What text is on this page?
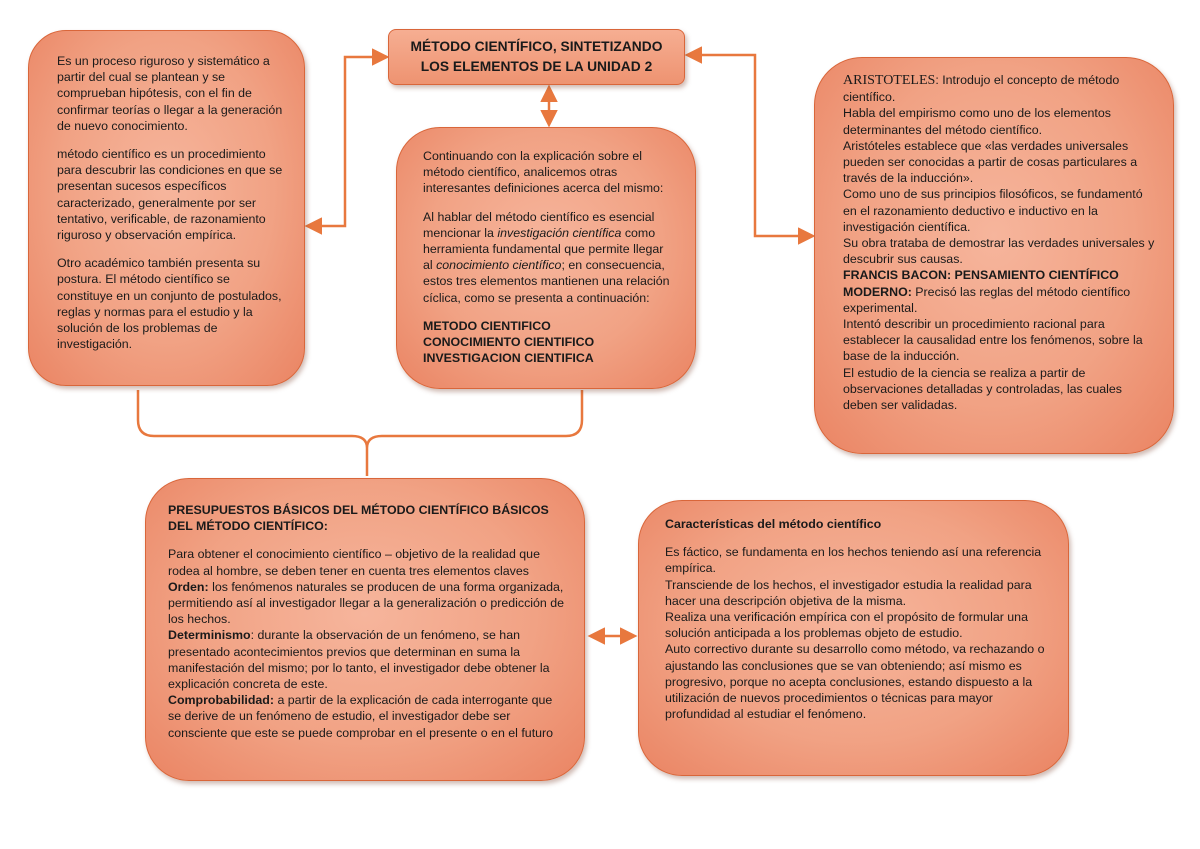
MÉTODO CIENTÍFICO, SINTETIZANDO LOS ELEMENTOS DE LA UNIDAD 2

Es un proceso riguroso y sistemático a partir del cual se plantean y se comprueban hipótesis, con el fin de confirmar teorías o llegar a la generación de nuevo conocimiento.

método científico es un procedimiento para descubrir las condiciones en que se presentan sucesos específicos caracterizado, generalmente por ser tentativo, verificable, de razonamiento riguroso y observación empírica.

Otro académico también presenta su postura. El método científico se constituye en un conjunto de postulados, reglas y normas para el estudio y la solución de los problemas de investigación.

Continuando con la explicación sobre el método científico, analicemos otras interesantes definiciones acerca del mismo:

Al hablar del método científico es esencial mencionar la investigación científica como herramienta fundamental que permite llegar al conocimiento científico; en consecuencia, estos tres elementos mantienen una relación cíclica, como se presenta a continuación:

METODO CIENTIFICO

CONOCIMIENTO CIENTIFICO

INVESTIGACION CIENTIFICA

ARISTOTELES: Introdujo el concepto de método científico.

Habla del empirismo como uno de los elementos determinantes del método científico.

Aristóteles establece que «las verdades universales pueden ser conocidas a partir de cosas particulares a través de la inducción».

Como uno de sus principios filosóficos, se fundamentó en el razonamiento deductivo e inductivo en la investigación científica.

Su obra trataba de demostrar las verdades universales y descubrir sus causas.

FRANCIS BACON: PENSAMIENTO CIENTÍFICO MODERNO: Precisó las reglas del método científico experimental.

Intentó describir un procedimiento racional para establecer la causalidad entre los fenómenos, sobre la base de la inducción.

El estudio de la ciencia se realiza a partir de observaciones detalladas y controladas, las cuales deben ser validadas.

PRESUPUESTOS BÁSICOS DEL MÉTODO CIENTÍFICO BÁSICOS DEL MÉTODO CIENTÍFICO:

Para obtener el conocimiento científico – objetivo de la realidad que rodea al hombre, se deben tener en cuenta tres elementos claves

Orden: los fenómenos naturales se producen de una forma organizada, permitiendo así al investigador llegar a la generalización o predicción de los hechos.

Determinismo: durante la observación de un fenómeno, se han presentado acontecimientos previos que determinan en suma la manifestación del mismo; por lo tanto, el investigador debe obtener la explicación concreta de este.

Comprobabilidad: a partir de la explicación de cada interrogante que se derive de un fenómeno de estudio, el investigador debe ser consciente que este se puede comprobar en el presente o en el futuro

Características del método científico

Es fáctico, se fundamenta en los hechos teniendo así una referencia empírica.

Transciende de los hechos, el investigador estudia la realidad para hacer una descripción objetiva de la misma.

Realiza una verificación empírica con el propósito de formular una solución anticipada a los problemas objeto de estudio.

Auto correctivo durante su desarrollo como método, va rechazando o ajustando las conclusiones que se van obteniendo; así mismo es progresivo, porque no acepta conclusiones, estando dispuesto a la utilización de nuevos procedimientos o técnicas para mayor profundidad al estudiar el fenómeno.
